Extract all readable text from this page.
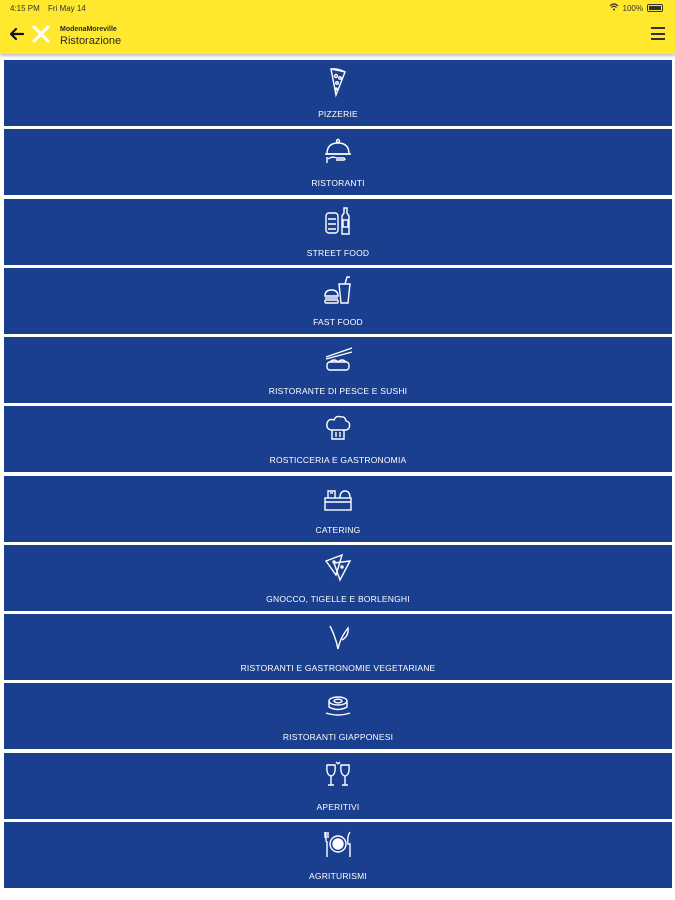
4:15 PM Fri May 14	100%
ModenaMoreville
Ristorazione
PIZZERIE
RISTORANTI
STREET FOOD
FAST FOOD
RISTORANTE DI PESCE E SUSHI
ROSTICCERIA E GASTRONOMIA
CATERING
GNOCCO, TIGELLE E BORLENGHI
RISTORANTI E GASTRONOMIE VEGETARIANE
RISTORANTI GIAPPONESI
APERITIVI
AGRITURISMI
